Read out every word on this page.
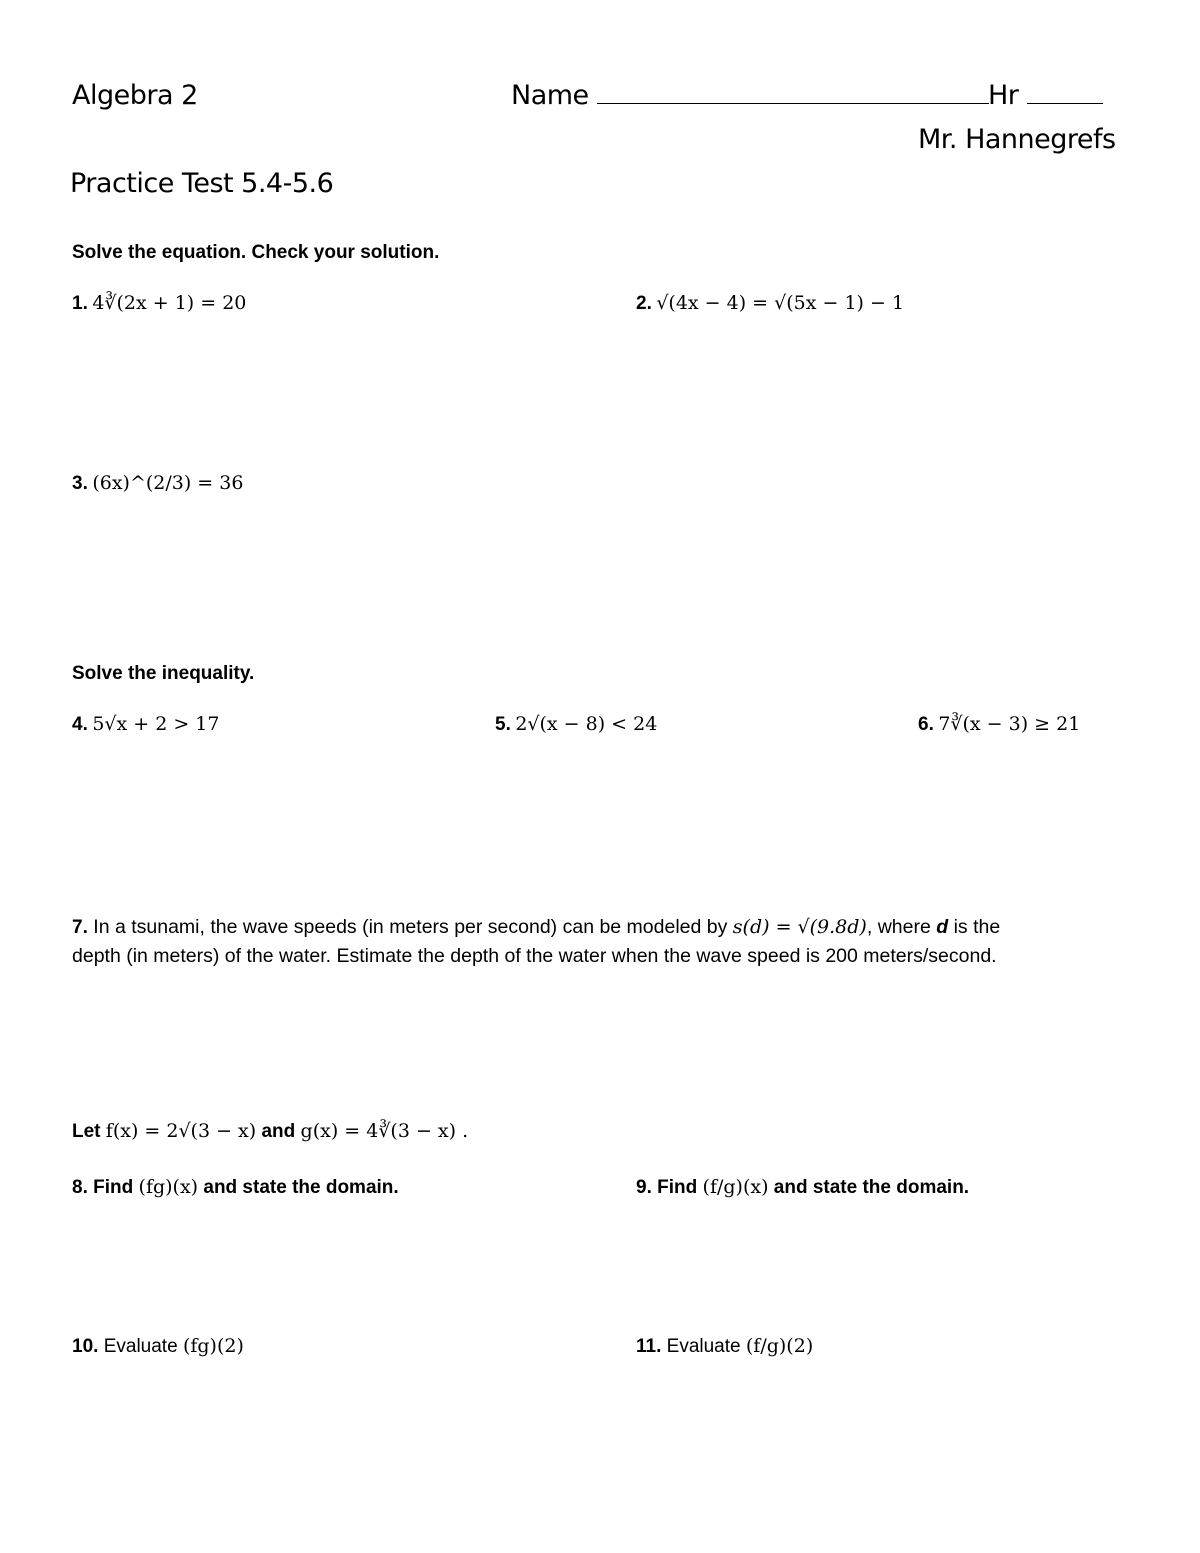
Algebra 2	Name	Hr
Mr. Hannegrefs
Practice Test 5.4-5.6
Solve the equation. Check your solution.
1. 4∛(2x + 1) = 20	2. √(4x − 4) = √(5x − 1) − 1
3. (6x)^(2/3) = 36
Solve the inequality.
4. 5√x + 2 > 17	5. 2√(x − 8) < 24	6. 7∛(x − 3) ≥ 21
7. In a tsunami, the wave speeds (in meters per second) can be modeled by s(d) = √(9.8d), where d is the
depth (in meters) of the water. Estimate the depth of the water when the wave speed is 200 meters/second.
Let f(x) = 2√(3 − x) and g(x) = 4∛(3 − x) .
8. Find (fg)(x) and state the domain.	9. Find (f/g)(x) and state the domain.
10. Evaluate (fg)(2)	11. Evaluate (f/g)(2)
